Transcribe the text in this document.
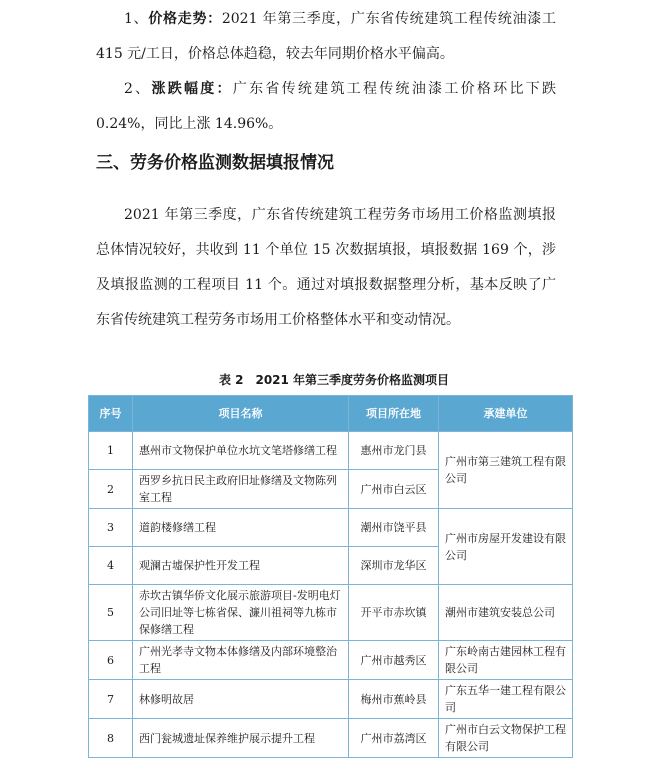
1、价格走势：2021 年第三季度，广东省传统建筑工程传统油漆工 415 元/工日，价格总体趋稳，较去年同期价格水平偏高。

2、涨跌幅度：广东省传统建筑工程传统油漆工价格环比下跌 0.24%，同比上涨 14.96%。

三、劳务价格监测数据填报情况

2021 年第三季度，广东省传统建筑工程劳务市场用工价格监测填报总体情况较好，共收到 11 个单位 15 次数据填报，填报数据 169 个，涉及填报监测的工程项目 11 个。通过对填报数据整理分析，基本反映了广东省传统建筑工程劳务市场用工价格整体水平和变动情况。

表 2　2021 年第三季度劳务价格监测项目

序号	项目名称	项目所在地	承建单位
1	惠州市文物保护单位水坑文笔塔修缮工程	惠州市龙门县	广州市第三建筑工程有限公司
2	西罗乡抗日民主政府旧址修缮及文物陈列室工程	广州市白云区	
3	道韵楼修缮工程	潮州市饶平县	广州市房屋开发建设有限公司
4	观澜古墟保护性开发工程	深圳市龙华区	
5	赤坎古镇华侨文化展示旅游项目-发明电灯公司旧址等七栋省保、濂川祖祠等九栋市保修缮工程	开平市赤坎镇	潮州市建筑安装总公司
6	广州光孝寺文物本体修缮及内部环境整治工程	广州市越秀区	广东岭南古建园林工程有限公司
7	林修明故居	梅州市蕉岭县	广东五华一建工程有限公司
8	西门瓮城遗址保养维护展示提升工程	广州市荔湾区	广州市白云文物保护工程有限公司
